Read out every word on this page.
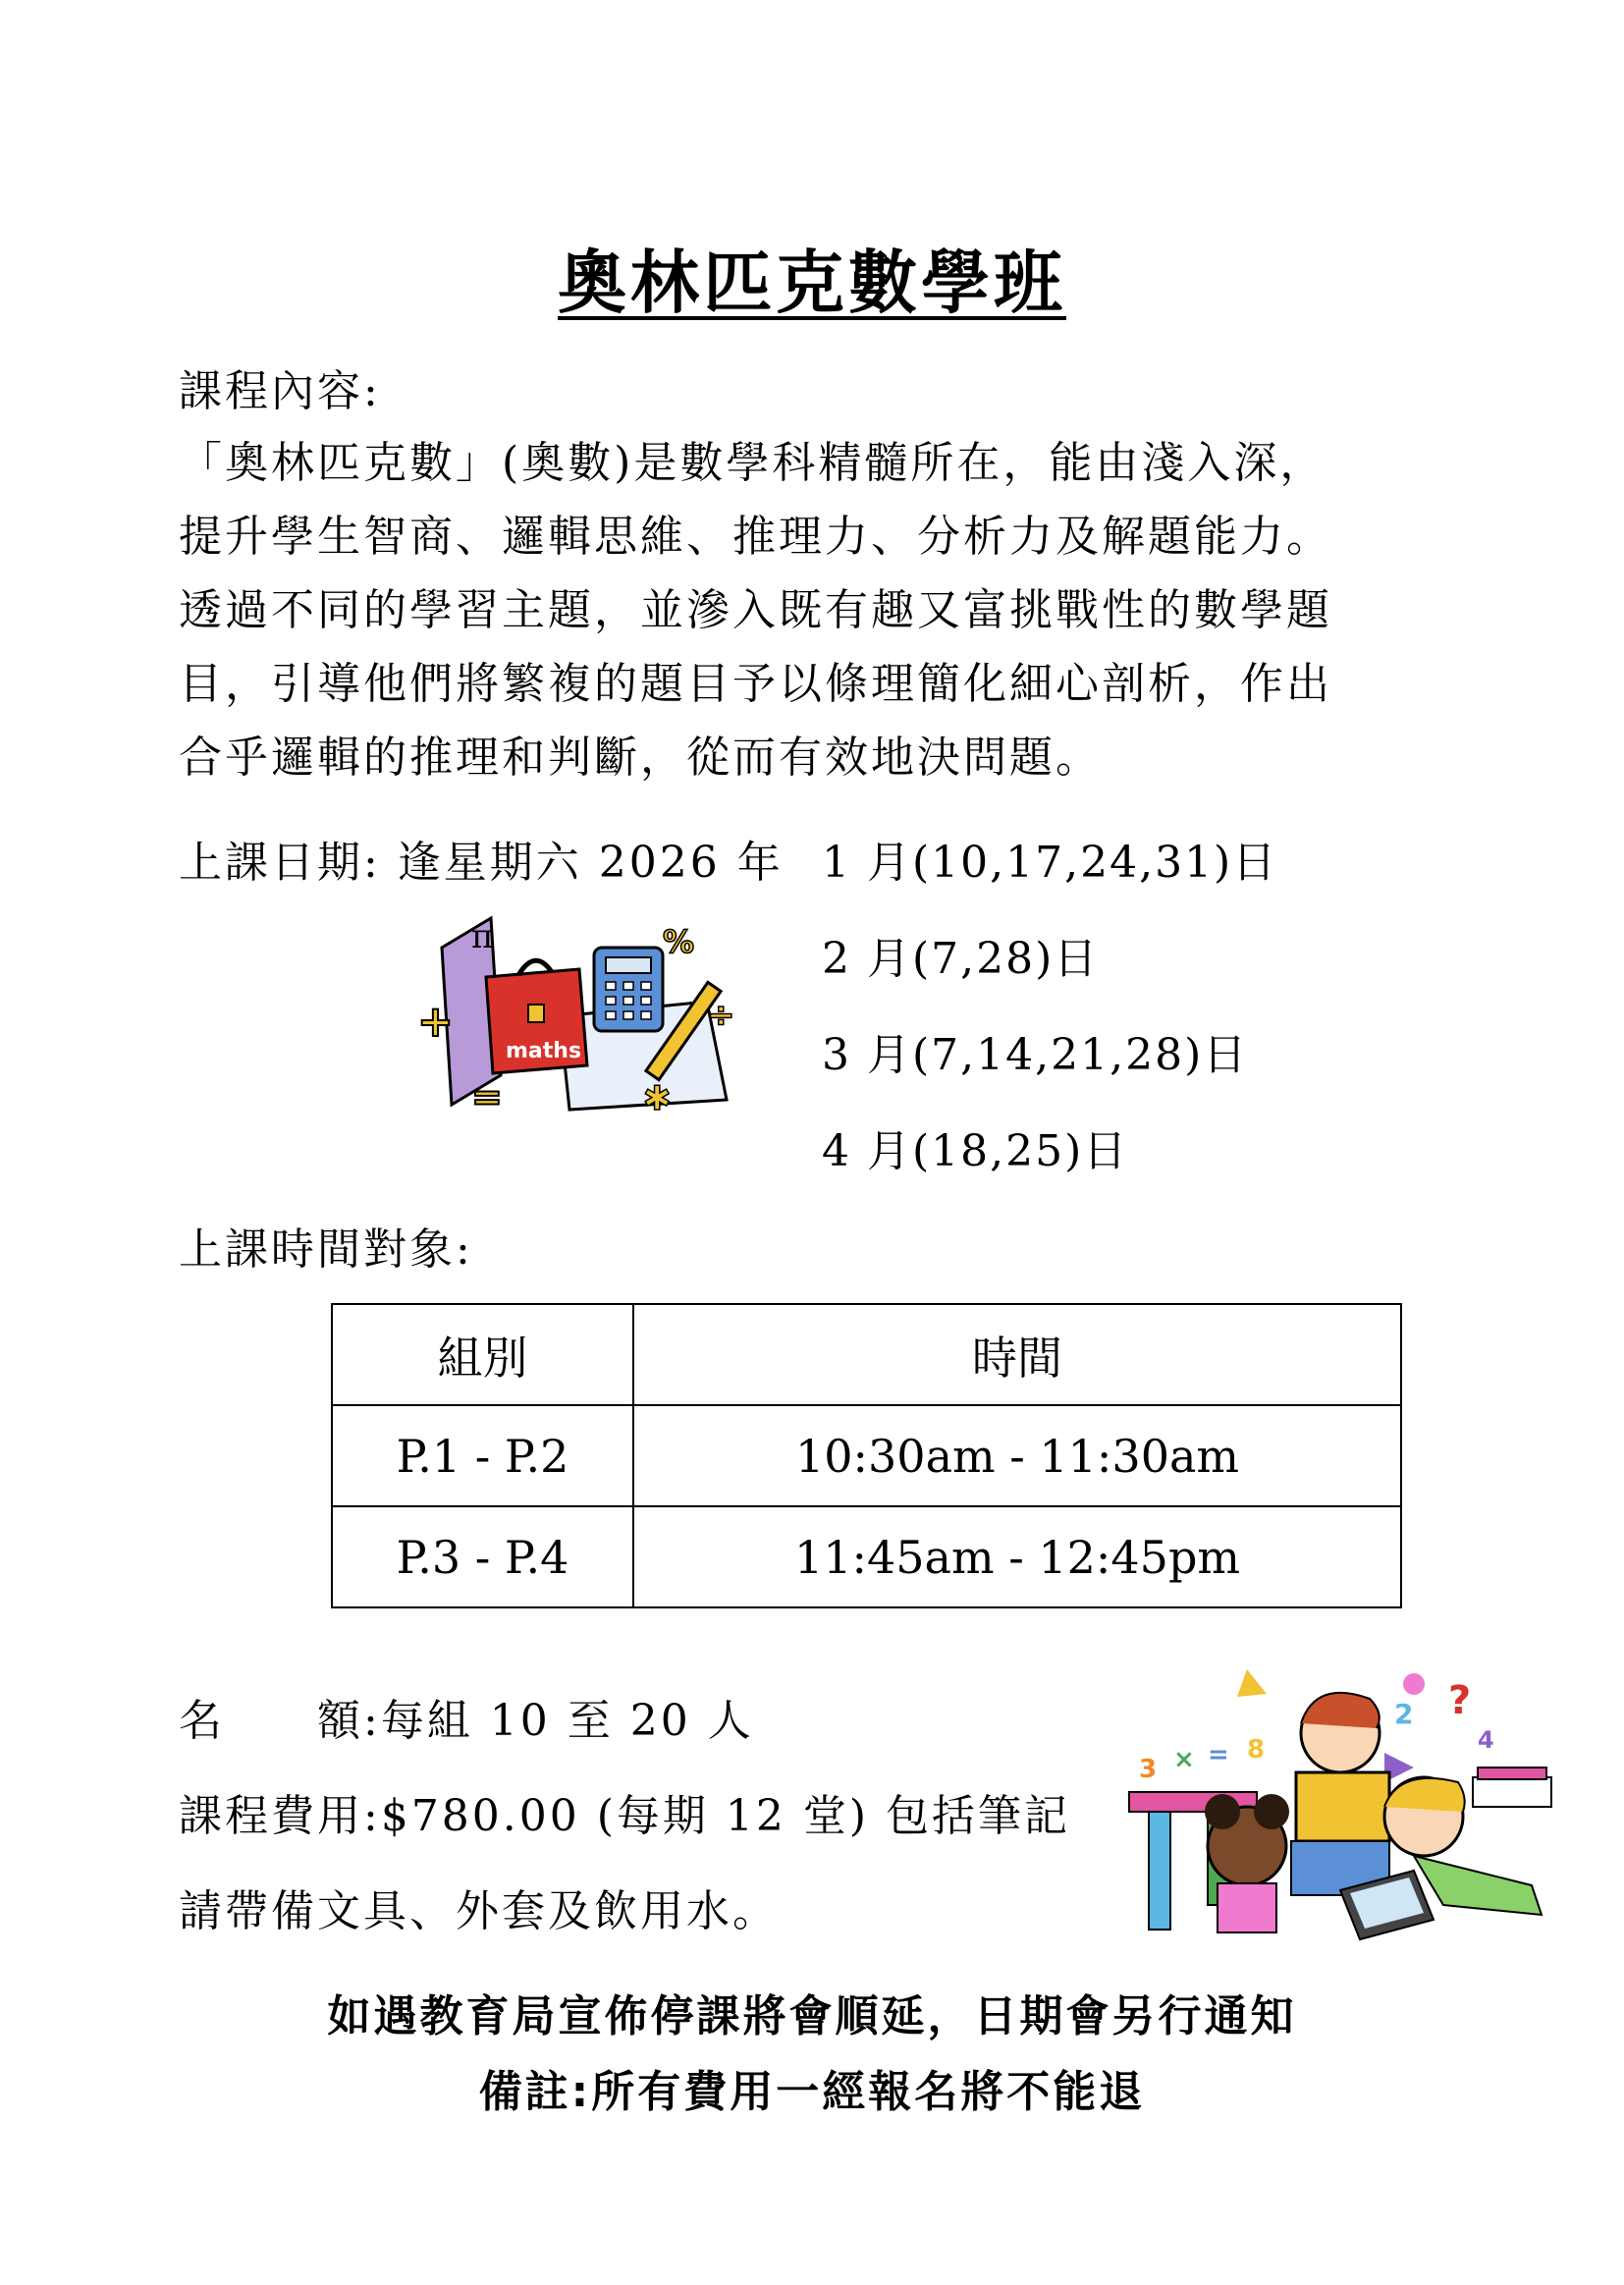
奧林匹克數學班
課程內容:
「奧林匹克數」(奧數)是數學科精髓所在，能由淺入深，
提升學生智商、邏輯思維、推理力、分析力及解題能力。
透過不同的學習主題，並滲入既有趣又富挑戰性的數學題
目，引導他們將繁複的題目予以條理簡化細心剖析，作出
合乎邏輯的推理和判斷，從而有效地決問題。
上課日期: 逢星期六 2026 年 1 月(10,17,24,31)日
2 月(7,28)日
3 月(7,14,21,28)日
4 月(18,25)日
π
+
=
maths
%
÷
✱
上課時間對象:
組別	時間
P.1 - P.2	10:30am - 11:30am
P.3 - P.4	11:45am - 12:45pm
名　　額:每組 10 至 20 人
課程費用:$780.00 (每期 12 堂) 包括筆記
請帶備文具、外套及飲用水。
?
2
4
3 × = 8
如遇教育局宣佈停課將會順延，日期會另行通知
備註:所有費用一經報名將不能退
